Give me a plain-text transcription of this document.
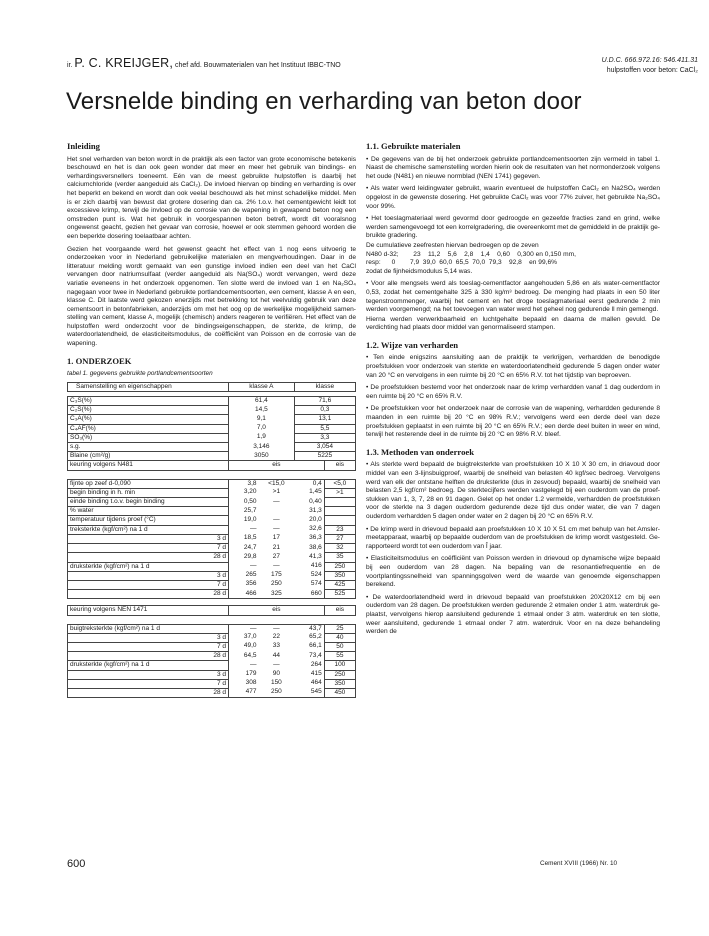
U.D.C. 666.972.16: 546.411.31
hulpstoffen voor beton: CaCl₂
ir. P. C. KREIJGER, chef afd. Bouwmaterialen van het Instituut IBBC-TNO
Versnelde binding en verharding van beton door
Inleiding

Het snel verharden van beton wordt in de praktijk als een factor van grote economische betekenis beschouwd en het is dan ook geen wonder dat meer en meer het gebruik van bindings- en verhardingsversnellers toeneemt. Eén van de meest gebruikte hulpstoffen is daarbij het calciumchloride (verder aangeduid als CaCl₂). De invloed hiervan op binding en verharding is over het beperkt en bekend en wordt dan ook veelal beschouwd als het minst schadelijke middel. Men is er zich daarbij van bewust dat grotere dosering dan ca. 2% t.o.v. het cementgewicht leidt tot excessieve krimp, terwijl de invloed op de corrosie van de wapening in gewapend beton nog een omstreden punt is. Wat het gebruik in voorgespannen beton betreft, wordt dit vooralsnog ongewenst geacht, gezien het gevaar van corrosie, hoewel er ook stemmen gehoord worden die een beperkte dosering toelaatbaar achten.

Gezien het voorgaande werd het gewenst geacht het effect van 1 nog eens uitvoerig te onderzoeken voor in Nederland gebruikelijke materialen en mengverhoudingen. Daar in de litteratuur melding wordt gemaakt van een gunstige invloed indien een deel van het CaCl vervangen door natriumsulfaat (verder aangeduid als Na(SO₄) wordt vervangen, werd deze variatie eveneens in het onderzoek opgenomen. Ten slotte werd de invloed van 1 en Na₂SO₄ nagegaan voor twee in Nederland gebruikte portlandcementsoorten, een cement, klasse A en een, klasse C. Dit laatste werd gekozen enerzijds met betrekking tot het veelvuldig gebruik van deze cementsoort in betonfabrieken, anderzijds om met het oog op de werkelijke mogelijkheid samenstelling van cement, klasse A, mogelijk (chemisch) anders reageren te verifiëren. Het effect van de hulpstoffen werd onderzocht voor de bindingseigenschappen, de sterkte, de krimp, de waterdoorlatendheid, de elasticiteitsmodulus, de coëfficiënt van Poisson en de corrosie van de wapening.

1. ONDERZOEK
tabel 1. gegevens gebruikte portlandcementsoorten
Samenstelling en eigenschappen	klasse A		klasse	

C₃S(%)	61,4		71,6	
C₂S(%)	14,5		0,3	
C₃A(%)	9,1		13,1	
C₄AF(%)	7,0		5,5	
SO₃(%)	1,9		3,3	
s.g.	3,146		3,054	
Blaine (cm²/g)	3050		5225	
keuring volgens N481		eis		eis

fijnte op zeef d-0,090	3,8	<15,0	0,4	<5,0
begin binding in h. min	3,20	>1	1,45	>1
einde binding t.o.v. begin binding	0,50	—	0,40	
% water	25,7		31,3	
temperatuur tijdens proef (°C)	19,0	—	20,0	
treksterkte (kgf/cm²) na 1 d	—	—	32,6	23
3 d	18,5	17	36,3	27
7 d	24,7	21	38,6	32
28 d	29,8	27	41,3	35
druksterkte (kgf/cm²) na 1 d	—	—	416	250
3 d	265	175	524	350
7 d	356	250	574	425
28 d	466	325	660	525

keuring volgens NEN 1471		eis		eis

buigtreksterkte (kgf/cm²) na 1 d	—	—	43,7	25
3 d	37,0	22	65,2	40
7 d	49,0	33	66,1	50
28 d	64,5	44	73,4	55
druksterkte (kgf/cm²) na 1 d	—	—	264	100
3 d	179	90	415	250
7 d	308	150	464	350
28 d	477	250	545	450
1.1. Gebruikte materialen

• De gegevens van de bij het onderzoek gebruikte portlandcementsoorten zijn vermeld in tabel 1. Naast de chemische samenstelling worden hierin ook de resultaten van het normonderzoek volgens het oude (N481) en nieuwe normblad (NEN 1741) gegeven.

• Als water werd leidingwater gebruikt, waarin eventueel de hulpstoffen CaCl₂ en Na2SO₄ werden opgelost in de gewenste dosering. Het gebruikte CaCl₂ was voor 77% zuiver, het gebruikte Na₂SO₄ voor 99%.

• Het toeslagmateriaal werd gevormd door gedroogde en gezeefde fracties zand en grind, welke werden samengevoegd tot een korrelgradering, die overeenkomt met de gemiddeld in de praktijk gebruikte gradering.

De cumulatieve zeefresten hiervan bedroegen op de zeven
N480 d-32;        23    11,2    5,6    2,8    1,4    0,60    0,300 en 0,150 mm,
resp:      0        7,9  39,0  60,0  65,5  70,0  79,3    92,8    en 99,6%

zodat de fijnheidsmodulus 5,14 was.

• Voor alle mengsels werd als toeslag-cementfactor aangehouden 5,86 en als water-cementfactor 0,53, zodat het cementgehalte 325 à 330 kg/m³ bedroeg. De menging had plaats in een 50 liter tegenstroommenger, waarbij het cement en het droge toeslagmateriaal eerst gedurende 2 min werden voorgemengd; na het toevoegen van water werd het geheel nog gedurende ll min gemengd.

Hierna werden verwerkbaarheid en luchtgehalte bepaald en daarna de mallen gevuld. De verdichting had plaats door middel van genormaliseerd stampen.

1.2. Wijze van verharden

• Ten einde enigszins aansluiting aan de praktijk te verkrijgen, verhardden de benodigde proefstukken voor onderzoek van sterkte en waterdoorlatendheid gedurende 5 dagen onder water van 20 °C en vervolgens in een ruimte bij 20 °C en 65% R.V. tot het tijdstip van beproeven.

• De proefstukken bestemd voor het onderzoek naar de krimp verhardden vanaf 1 dag ouderdom in een ruimte bij 20 °C en 65% R.V.

• De proefstukken voor het onderzoek naar de corrosie van de wapening, verhardden gedurende 8 maanden in een ruimte bij 20 °C en 98% R.V.; vervolgens werd een derde deel van deze proefstukken geplaatst in een ruimte bij 20 °C en 65% R.V.; een derde deel buiten in weer en wind, terwijl het resterende deel in de ruimte bij 20 °C en 98% R.V. bleef.

1.3. Methoden van onderroek

• Als sterkte werd bepaald de buigtreksterkte van proefstukken 10 X 10 X 30 cm, in driavoud door middel van een 3-lijnsbuigproef, waarbij de snelheid van belasten 40 kgf/sec bedroeg. Vervolgens werd van elk der ontstane helften de druksterkte (dus in zesvoud) bepaald, waarbij de snelheid van belasten 2,5 kgf/cm² bedroeg. De sterktecijfers werden vastgelegd bij een ouderdom van de proefstukken van 1, 3, 7, 28 en 91 dagen. Gelet op het onder 1.2 vermelde, verhardden de proefstukken voor de sterkte na 3 dagen ouderdom gedurende deze tijd dus onder water, die van 7 dagen ouderdom verhardden 5 dagen onder water en 2 dagen bij 20 °C en 65% R.V.

• De krimp werd in drievoud bepaald aan proefstukken 10 X 10 X 51 cm met behulp van het Amsler-meetapparaat, waarbij op bepaalde ouderdom van de proefstukken de krimp wordt vastgesteld. Gerapporteerd wordt tot een ouderdom van Î jaar.

• Elasticiteitsmodulus en coëfficiënt van Poisson werden in drievoud op dynamische wijze bepaald bij een ouderdom van 28 dagen. Na bepaling van de resonantiefrequentie en de voortplantingssnelheid van spanningsgolven werd de waarde van genoemde eigenschappen berekend.

• De waterdoorlatendheid werd in drievoud bepaald van proefstukken 20X20X12 cm bij een ouderdom van 28 dagen. De proefstukken werden gedurende 2 etmalen onder 1 atm. waterdruk geplaatst, vervolgens hierop aansluitend gedurende 1 etmaal onder 3 atm. waterdruk en ten slotte, weer aansluitend, gedurende 1 etmaal onder 7 atm. waterdruk. Voor en na deze behandeling werden de

600	Cement XVIII (1966) Nr. 10
